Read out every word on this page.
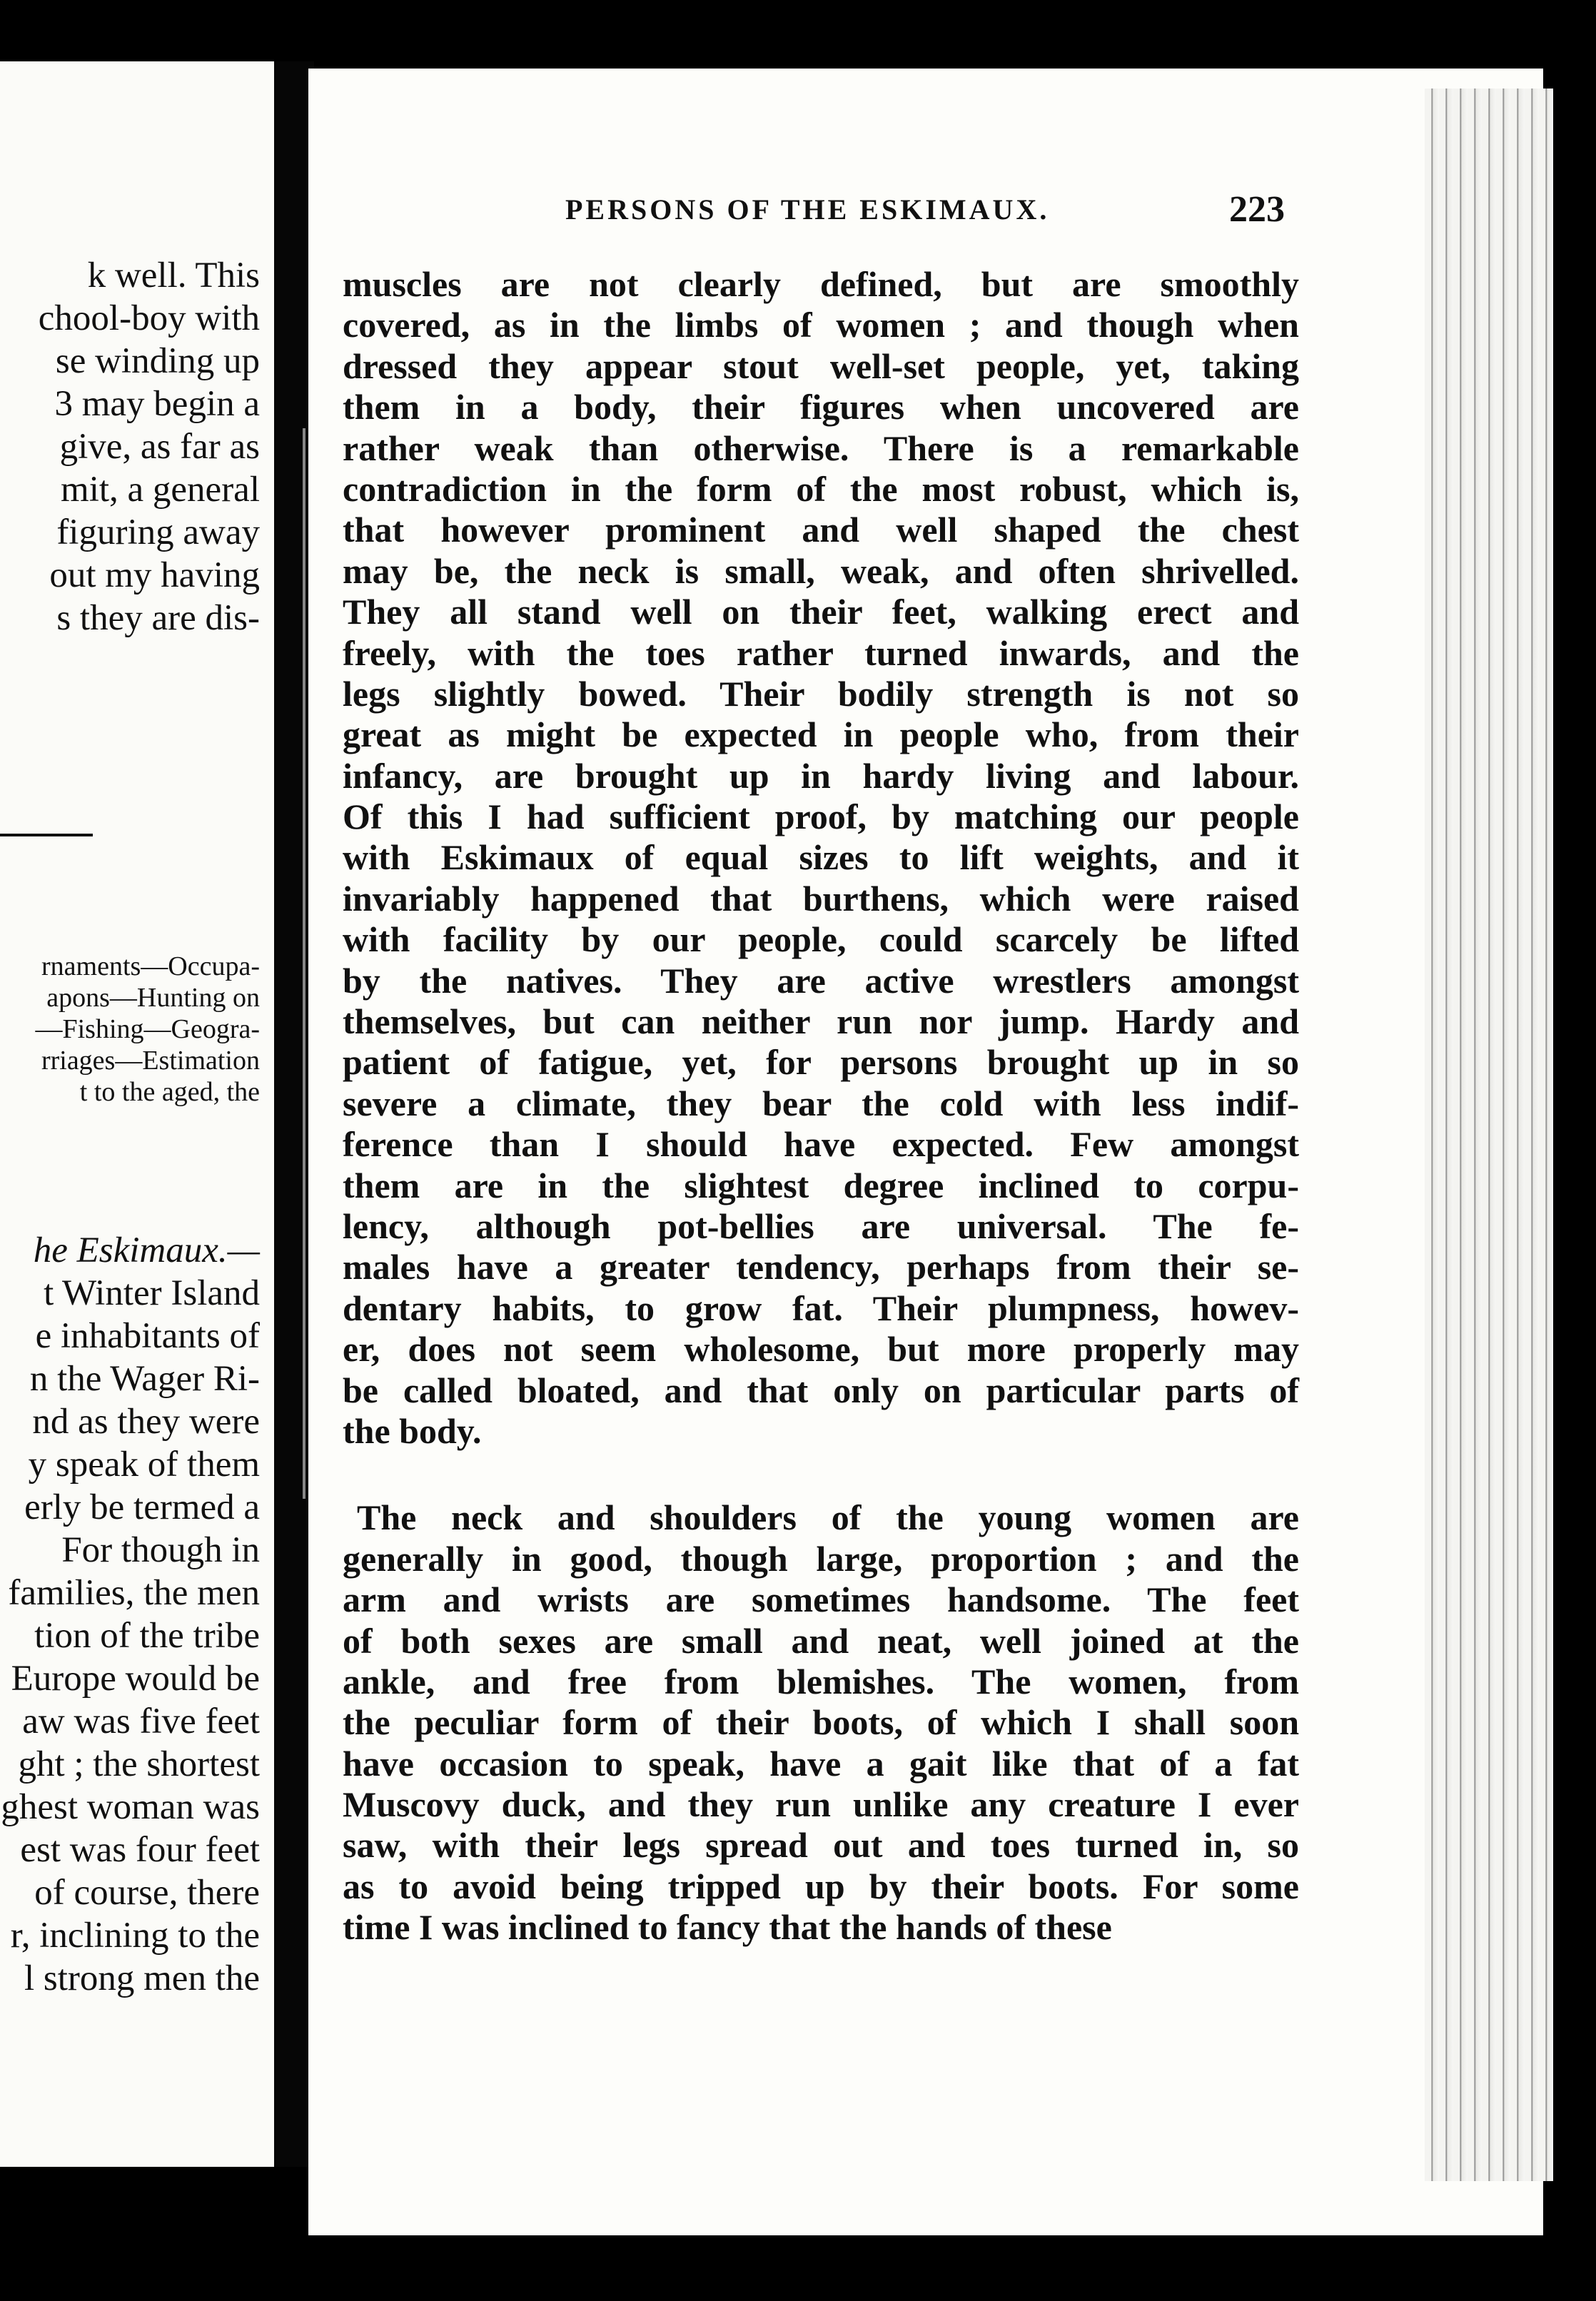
k well. This
chool-boy with
se winding up
3 may begin a
give, as far as
mit, a general
figuring away
out my having
s they are dis-
rnaments—Occupa-
apons—Hunting on
—Fishing—Geogra-
rriages—Estimation
t to the aged, the
he Eskimaux.—
t Winter Island
e inhabitants of
n the Wager Ri-
nd as they were
y speak of them
erly be termed a
For though in
families, the men
tion of the tribe
Europe would be
aw was five feet
ght ; the shortest
ghest woman was
est was four feet
of course, there
r, inclining to the
l strong men the
PERSONS OF THE ESKIMAUX.	223
muscles are not clearly defined, but are smoothly
covered, as in the limbs of women ; and though when
dressed they appear stout well-set people, yet, taking
them in a body, their figures when uncovered are
rather weak than otherwise. There is a remarkable
contradiction in the form of the most robust, which is,
that however prominent and well shaped the chest
may be, the neck is small, weak, and often shrivelled.
They all stand well on their feet, walking erect and
freely, with the toes rather turned inwards, and the
legs slightly bowed. Their bodily strength is not so
great as might be expected in people who, from their
infancy, are brought up in hardy living and labour.
Of this I had sufficient proof, by matching our people
with Eskimaux of equal sizes to lift weights, and it
invariably happened that burthens, which were raised
with facility by our people, could scarcely be lifted
by the natives. They are active wrestlers amongst
themselves, but can neither run nor jump. Hardy and
patient of fatigue, yet, for persons brought up in so
severe a climate, they bear the cold with less indif-
ference than I should have expected. Few amongst
them are in the slightest degree inclined to corpu-
lency, although pot-bellies are universal. The fe-
males have a greater tendency, perhaps from their se-
dentary habits, to grow fat. Their plumpness, howev-
er, does not seem wholesome, but more properly may
be called bloated, and that only on particular parts of
the body.
The neck and shoulders of the young women are
generally in good, though large, proportion ; and the
arm and wrists are sometimes handsome. The feet
of both sexes are small and neat, well joined at the
ankle, and free from blemishes. The women, from
the peculiar form of their boots, of which I shall soon
have occasion to speak, have a gait like that of a fat
Muscovy duck, and they run unlike any creature I ever
saw, with their legs spread out and toes turned in, so
as to avoid being tripped up by their boots. For some
time I was inclined to fancy that the hands of these
